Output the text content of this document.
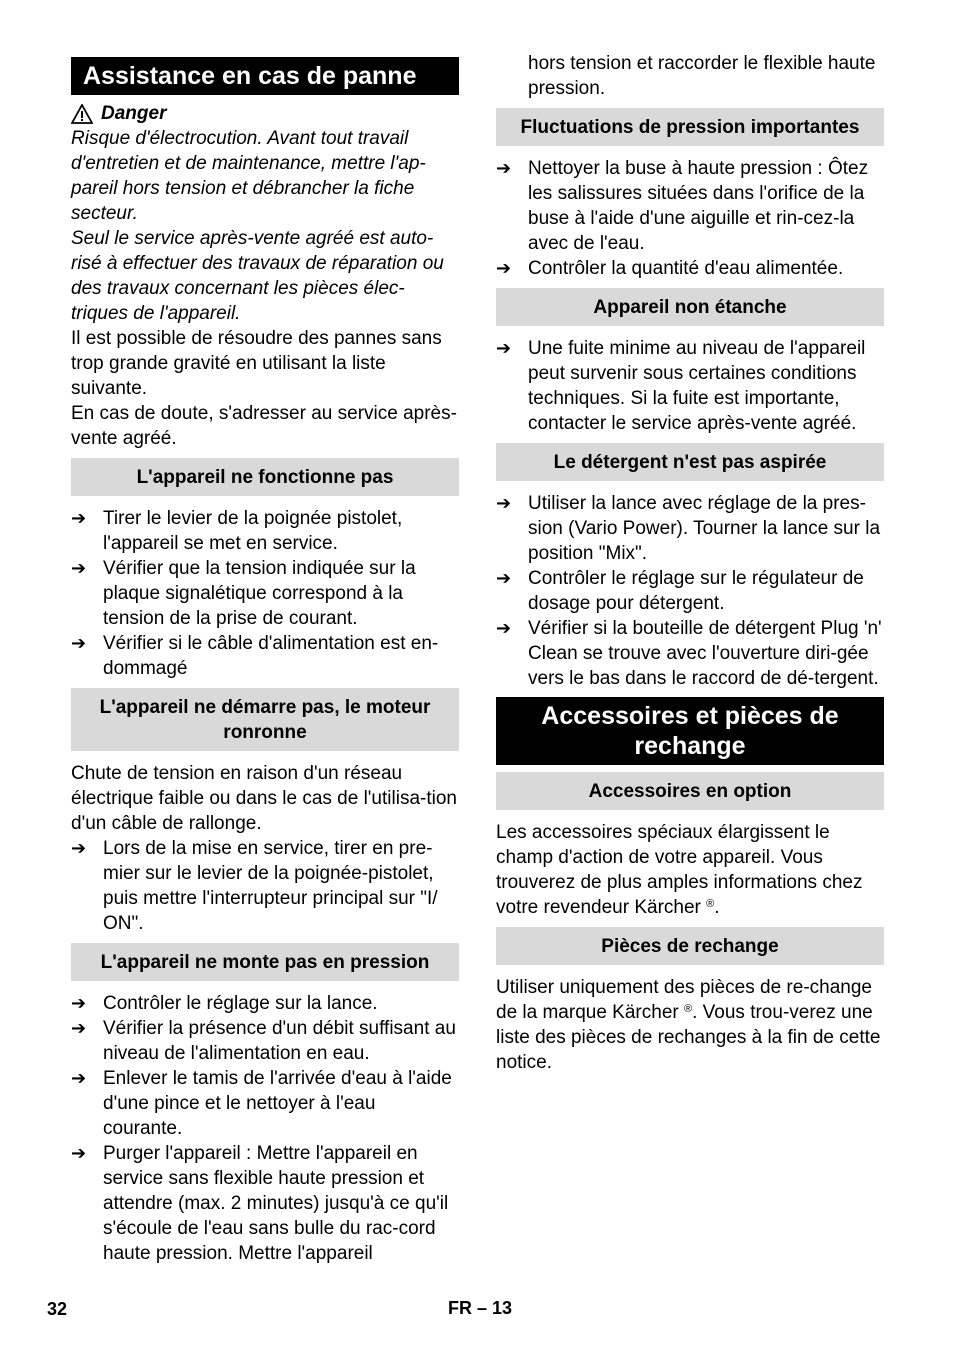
Assistance en cas de panne
Danger

Risque d'électrocution. Avant tout travail d'entretien et de maintenance, mettre l'ap-pareil hors tension et débrancher la fiche secteur.

Seul le service après-vente agréé est auto-risé à effectuer des travaux de réparation ou des travaux concernant les pièces élec-triques de l'appareil.

Il est possible de résoudre des pannes sans trop grande gravité en utilisant la liste suivante.

En cas de doute, s'adresser au service après-vente agréé.

L'appareil ne fonctionne pas
➔ Tirer le levier de la poignée pistolet, l'appareil se met en service.
➔ Vérifier que la tension indiquée sur la plaque signalétique correspond à la tension de la prise de courant.
➔ Vérifier si le câble d'alimentation est en-dommagé
L'appareil ne démarre pas, le moteur ronronne

Chute de tension en raison d'un réseau électrique faible ou dans le cas de l'utilisa-tion d'un câble de rallonge.

➔ Lors de la mise en service, tirer en pre-mier sur le levier de la poignée-pistolet, puis mettre l'interrupteur principal sur "I/ ON".
L'appareil ne monte pas en pression
➔ Contrôler le réglage sur la lance.
➔ Vérifier la présence d'un débit suffisant au niveau de l'alimentation en eau.
➔ Enlever le tamis de l'arrivée d'eau à l'aide d'une pince et le nettoyer à l'eau courante.
➔ Purger l'appareil : Mettre l'appareil en service sans flexible haute pression et attendre (max. 2 minutes) jusqu'à ce qu'il s'écoule de l'eau sans bulle du rac-cord haute pression. Mettre l'appareil
hors tension et raccorder le flexible haute pression.
Fluctuations de pression importantes
➔ Nettoyer la buse à haute pression : Ôtez les salissures situées dans l'orifice de la buse à l'aide d'une aiguille et rin-cez-la avec de l'eau.
➔ Contrôler la quantité d'eau alimentée.
Appareil non étanche
➔ Une fuite minime au niveau de l'appareil peut survenir sous certaines conditions techniques. Si la fuite est importante, contacter le service après-vente agréé.
Le détergent n'est pas aspirée
➔ Utiliser la lance avec réglage de la pres-sion (Vario Power). Tourner la lance sur la position "Mix".
➔ Contrôler le réglage sur le régulateur de dosage pour détergent.
➔ Vérifier si la bouteille de détergent Plug 'n' Clean se trouve avec l'ouverture diri-gée vers le bas dans le raccord de dé-tergent.
Accessoires et pièces de rechange
Accessoires en option

Les accessoires spéciaux élargissent le champ d'action de votre appareil. Vous trouverez de plus amples informations chez votre revendeur Kärcher ®.

Pièces de rechange

Utiliser uniquement des pièces de re-change de la marque Kärcher ®. Vous trou-verez une liste des pièces de rechanges à la fin de cette notice.

32	FR – 13
